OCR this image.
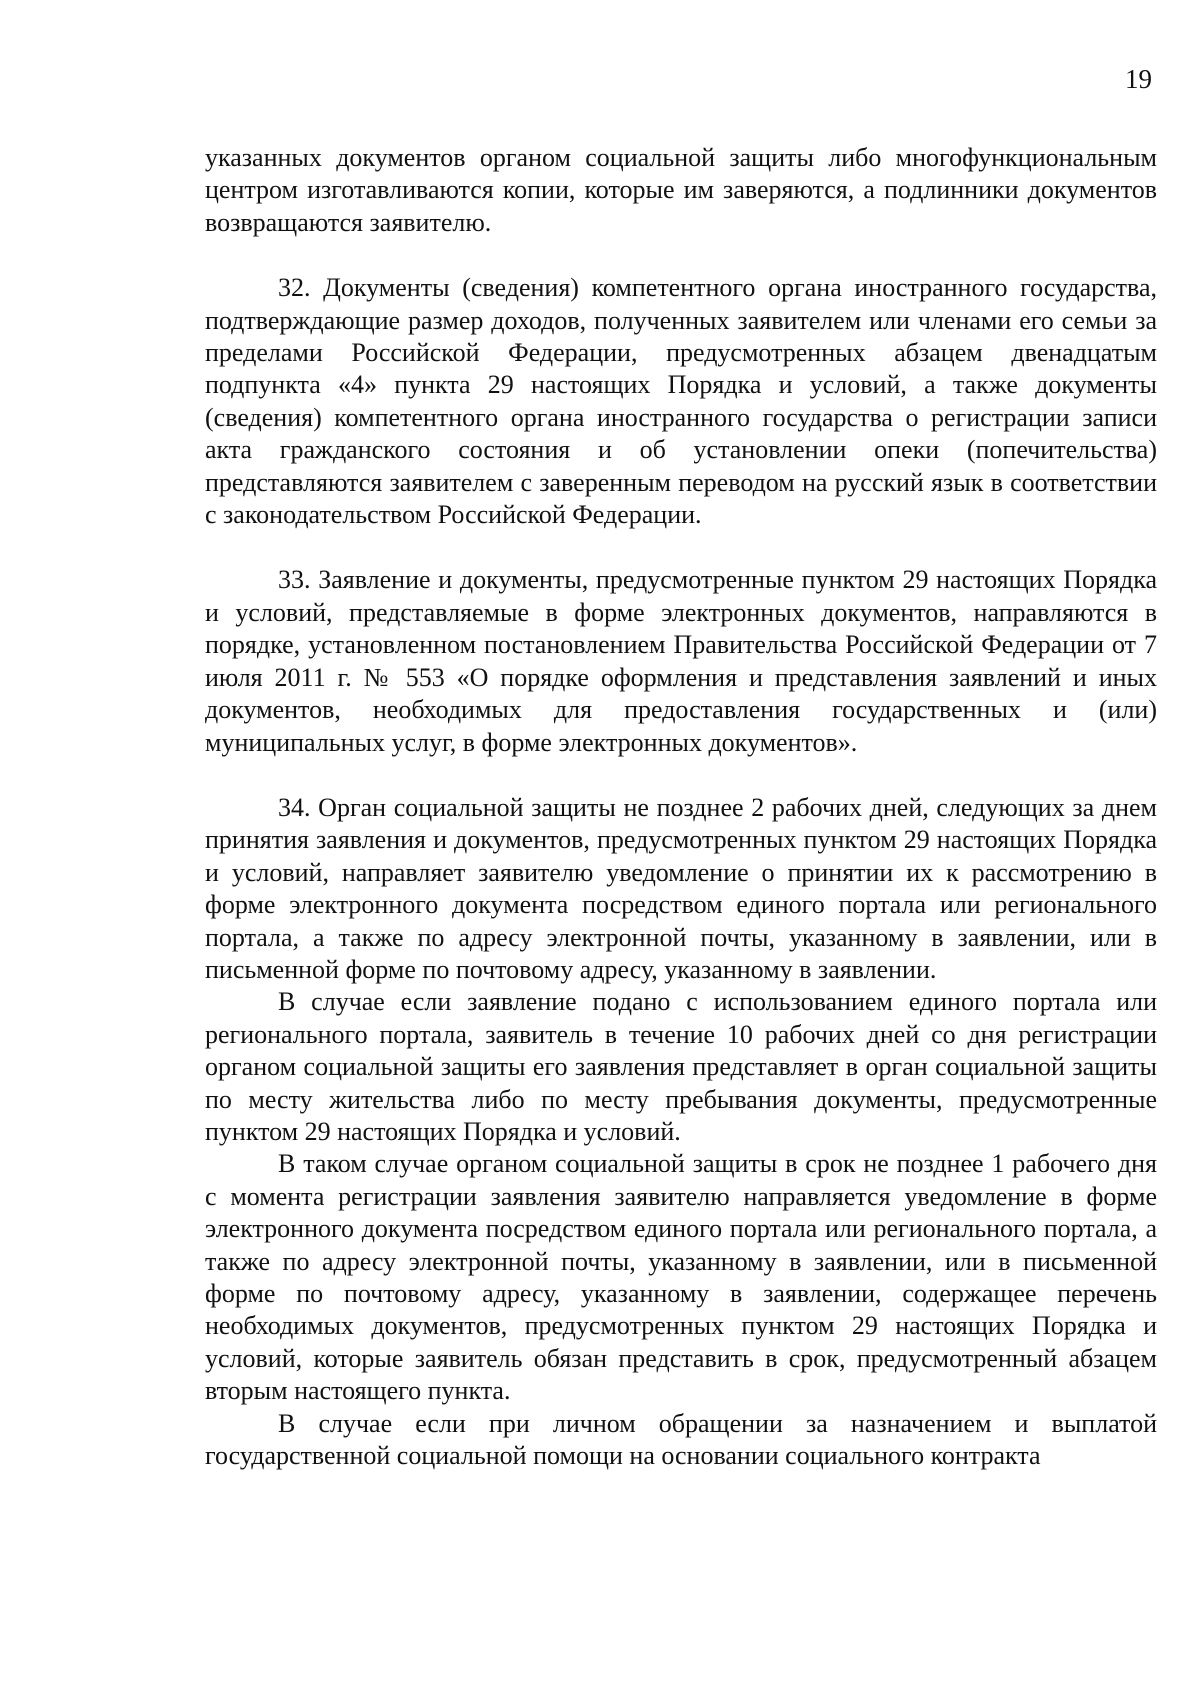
19

указанных документов органом социальной защиты либо многофункциональным центром изготавливаются копии, которые им заверяются, а подлинники документов возвращаются заявителю.

32. Документы (сведения) компетентного органа иностранного государства, подтверждающие размер доходов, полученных заявителем или членами его семьи за пределами Российской Федерации, предусмотренных абзацем двенадцатым подпункта «4» пункта 29 настоящих Порядка и условий, а также документы (сведения) компетентного органа иностранного государства о регистрации записи акта гражданского состояния и об установлении опеки (попечительства) представляются заявителем с заверенным переводом на русский язык в соответствии с законодательством Российской Федерации.

33. Заявление и документы, предусмотренные пунктом 29 настоящих Порядка и условий, представляемые в форме электронных документов, направляются в порядке, установленном постановлением Правительства Российской Федерации от 7 июля 2011 г. № 553 «О порядке оформления и представления заявлений и иных документов, необходимых для предоставления государственных и (или) муниципальных услуг, в форме электронных документов».

34. Орган социальной защиты не позднее 2 рабочих дней, следующих за днем принятия заявления и документов, предусмотренных пунктом 29 настоящих Порядка и условий, направляет заявителю уведомление о принятии их к рассмотрению в форме электронного документа посредством единого портала или регионального портала, а также по адресу электронной почты, указанному в заявлении, или в письменной форме по почтовому адресу, указанному в заявлении.

В случае если заявление подано с использованием единого портала или регионального портала, заявитель в течение 10 рабочих дней со дня регистрации органом социальной защиты его заявления представляет в орган социальной защиты по месту жительства либо по месту пребывания документы, предусмотренные пунктом 29 настоящих Порядка и условий.

В таком случае органом социальной защиты в срок не позднее 1 рабочего дня с момента регистрации заявления заявителю направляется уведомление в форме электронного документа посредством единого портала или регионального портала, а также по адресу электронной почты, указанному в заявлении, или в письменной форме по почтовому адресу, указанному в заявлении, содержащее перечень необходимых документов, предусмотренных пунктом 29 настоящих Порядка и условий, которые заявитель обязан представить в срок, предусмотренный абзацем вторым настоящего пункта.

В случае если при личном обращении за назначением и выплатой государственной социальной помощи на основании социального контракта
